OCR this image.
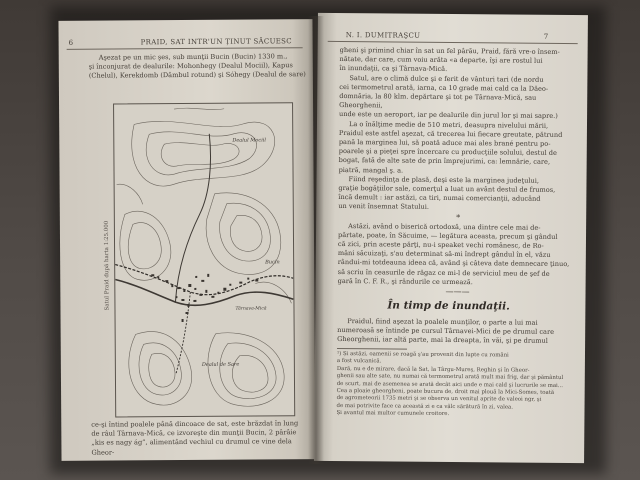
6	PRAID, SAT INTR'UN ȚINUT SĂCUESC

Aşezat pe un mic şes, sub munţii Bucin (Bucin) 1330 m.,

şi înconjurat de dealurile: Mohonhegy (Dealul Mociil), Kapus

(Chelul), Kerekdomb (Dâmbul rotund) şi Sóhegy (Dealul de sare)

Satul Praid după harta 1:25.000
Dealul Mociil
Târnava-Mică
Dealul de Sare
Bucin

ce-şi întind poalele până dincoace de sat, este brăzdat în lung

de râul Târnava-Mică, ce izvoreşte din munţii Bucin, 2 pârâie

„kis es nagy ág”, alimentând vechiul cu drumul ce vine dela Gheor-

N. I. DUMITRAŞCU	7

gheni şi primind chiar în sat un fel pârău, Praid, fără vre-o însem-

nătate, dar care, cum voiu arăta «a departe, îşi are rostul lui

în inundaţii, ca şi Târnava-Mică.

Satul, are o climă dulce şi e ferit de vânturi tari (de nordu

cei termometrul arată, iarna, ca 10 grade mai cald ca la Dăeo-

domnăria, la 80 klm. depărtare şi tot pe Târnava-Mică, sau Gheorghenii,

unde este un aeroport, iar pe dealurile din jurul lor şi mai sapre.)

La o înălţime medie de 510 metri, deasupra nivelului mării,

Praidul este astfel aşezat, că trecerea lui fiecare greutate, pătrund

pană la marginea lui, să poată aduce mai ales brané pentru po-

poarele şi a pieţei spre încercare cu producţiile solului, destul de

bogat, fată de alte sate de prin împrejurimi, ca: lemnărie, care,

piatră, mangal ş. a.

Fiind reşedinţa de plasă, deşi este la marginea judeţului,

graţie bogăţiilor sale, comerţul a luat un avânt destul de frumos,

încă demult : iar astăzi, ca tiri, numai comercianţii, aducând

un venit însemnat Statului.

*

Astăzi, având o biserică ortodoxă, una dintre cele mai de-

părtate, poate, în Săcuime, — legătura aceasta, precum şi gândul

că zici, prin aceste părţi, nu-i speaket vechi românesc, de Ro-

mâni săcuizaţi, s'au determinat să-mi îndrept gândul în el, văzu

rândui-mi totdeauna ideea că, având şi câteva date demnecare ţinuo,

să scriu în ceasurile de răgaz ce mi-l de serviciul meu de şef de

gară în C. F. R., şi rândurile ce urmează.

———

În timp de inundaţii.

Praidul, fiind aşezat la poalele munţilor, o parte a lui mai

numeroasă se întinde pe cursul Târnavei-Mici de pe drumul care

Gheorghenii, iar altă parte, mai la dreapta, în văi, şi pe drumul

¹) Și astăzi, oamenii se roagă ş'au provenit din lupte cu români

a fost vulcanică.

Dară, nu e de mirare, dacă la Sat, la Târgu-Mureş, Reghin şi în Gheor-

ghenii sau alte sate, nu numai că termometrul arată mult mai frig, dar şi pământul

de scurt, mai de asemenea se arată decât aici unde e mai cald şi lucrurile se mai...

Cea a ploaie gheorgheni, poate bucura de, droit mai plouă la Mici-Somes, toată

de agrometeorii 1735 metri şi se observa un venitul aprite de valeoi ngr, şi

de mai potrivite face ca această zi e ca vâlc sărătură în zi, valea.

Și avantul mai multor cumunele croitore.
